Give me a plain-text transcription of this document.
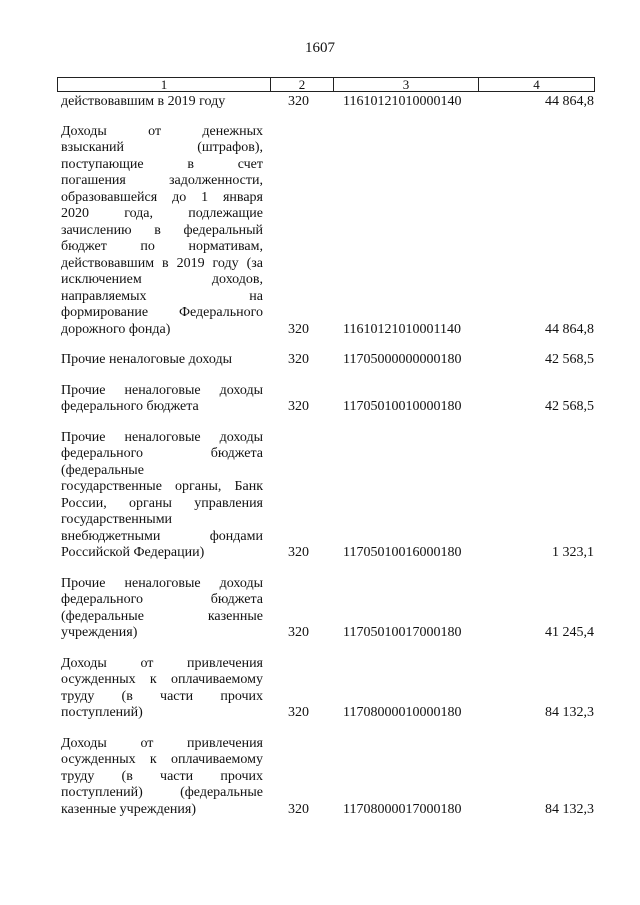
1607
1	2	3	4
действовавшим в 2019 году	320 11610121010000140	44 864,8
Доходы от денежных
взысканий (штрафов),
поступающие в счет
погашения задолженности,
образовавшейся до 1 января
2020 года, подлежащие
зачислению в федеральный
бюджет по нормативам,
действовавшим в 2019 году (за
исключением доходов,
направляемых на
формирование Федерального
дорожного фонда)	320 11610121010001140	44 864,8
Прочие неналоговые доходы	320 11705000000000180	42 568,5
Прочие неналоговые доходы
федерального бюджета	320 11705010010000180	42 568,5
Прочие неналоговые доходы
федерального бюджета
(федеральные
государственные органы, Банк
России, органы управления
государственными
внебюджетными фондами
Российской Федерации)	320 11705010016000180	1 323,1
Прочие неналоговые доходы
федерального бюджета
(федеральные казенные
учреждения)	320 11705010017000180	41 245,4
Доходы от привлечения
осужденных к оплачиваемому
труду (в части прочих
поступлений)	320 11708000010000180	84 132,3
Доходы от привлечения
осужденных к оплачиваемому
труду (в части прочих
поступлений) (федеральные
казенные учреждения)	320 11708000017000180	84 132,3
